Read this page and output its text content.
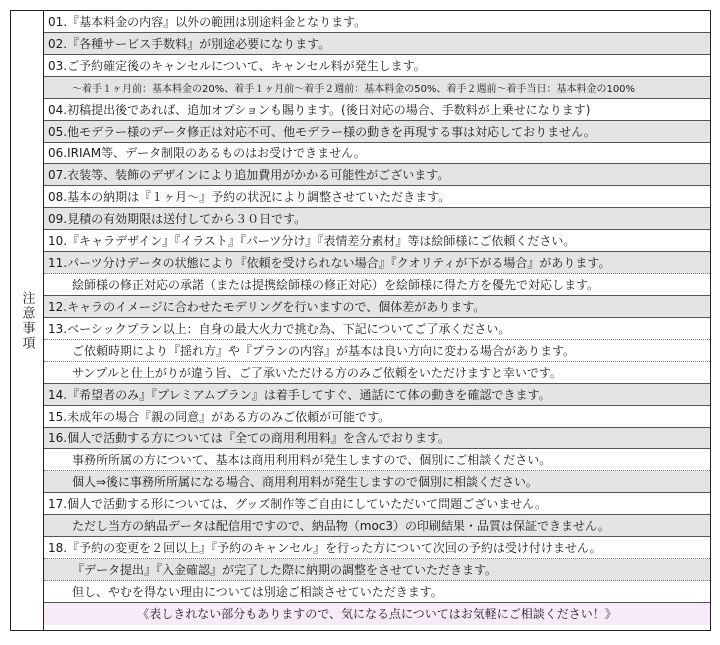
注意事項
01.『基本料金の内容』以外の範囲は別途料金となります。
02.『各種サービス手数料』が別途必要になります。
03.ご予約確定後のキャンセルについて、キャンセル料が発生します。
〜着手１ヶ月前：基本料金の20%、着手１ヶ月前〜着手２週前：基本料金の50%、着手２週前〜着手当日：基本料金の100%
04.初稿提出後であれば、追加オプションも賜ります。(後日対応の場合、手数料が上乗せになります)
05.他モデラー様のデータ修正は対応不可、他モデラー様の動きを再現する事は対応しておりません。
06.IRIAM等、データ制限のあるものはお受けできません。
07.衣装等、装飾のデザインにより追加費用がかかる可能性がございます。
08.基本の納期は『１ヶ月〜』予約の状況により調整させていただきます。
09.見積の有効期限は送付してから３０日です。
10.『キャラデザイン』『イラスト』『パーツ分け』『表情差分素材』等は絵師様にご依頼ください。
11.パーツ分けデータの状態により『依頼を受けられない場合』『クオリティが下がる場合』があります。
絵師様の修正対応の承諾（または提携絵師様の修正対応）を絵師様に得た方を優先で対応します。
12.キャラのイメージに合わせたモデリングを行いますので、個体差があります。
13.ベーシックプラン以上：自身の最大火力で挑む為、下記についてご了承ください。
ご依頼時期により『揺れ方』や『プランの内容』が基本は良い方向に変わる場合があります。
サンプルと仕上がりが違う旨、ご了承いただける方のみご依頼をいただけますと幸いです。
14.『希望者のみ』『プレミアムプラン』は着手してすぐ、通話にて体の動きを確認できます。
15.未成年の場合『親の同意』がある方のみご依頼が可能です。
16.個人で活動する方については『全ての商用利用料』を含んでおります。
事務所所属の方について、基本は商用利用料が発生しますので、個別にご相談ください。
個人⇒後に事務所所属になる場合、商用利用料が発生しますので個別に相談ください。
17.個人で活動する形については、グッズ制作等ご自由にしていただいて問題ございません。
ただし当方の納品データは配信用ですので、納品物（moc3）の印刷結果・品質は保証できません。
18.『予約の変更を２回以上』『予約のキャンセル』を行った方について次回の予約は受け付けません。
『データ提出』『入金確認』が完了した際に納期の調整をさせていただきます。
但し、やむを得ない理由については別途ご相談させていただきます。
《表しきれない部分もありますので、気になる点についてはお気軽にご相談ください！》
